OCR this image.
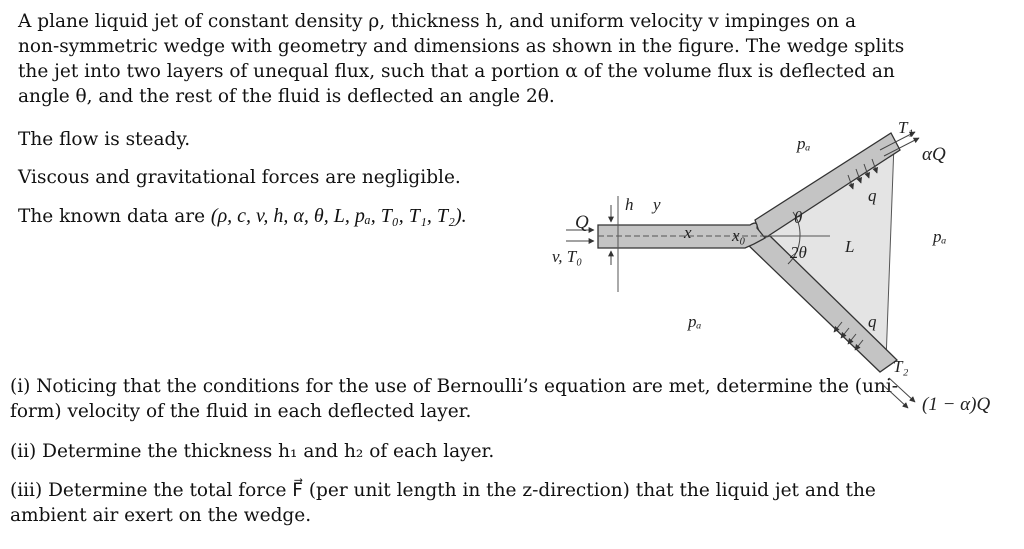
A plane liquid jet of constant density ρ, thickness h, and uniform velocity v impinges on a
non-symmetric wedge with geometry and dimensions as shown in the figure. The wedge splits
the jet into two layers of unequal flux, such that a portion α of the volume flux is deflected an
angle θ, and the rest of the fluid is deflected an angle 2θ.
The flow is steady.
Viscous and gravitational forces are negligible.
The known data are (ρ, c, v, h, α, θ, L, pₐ, T₀, T₁, T₂).
(i) Noticing that the conditions for the use of Bernoulli’s equation are met, determine the (uni-
form) velocity of the fluid in each deflected layer.
(ii) Determine the thickness h₁ and h₂ of each layer.
(iii) Determine the total force F⃗ (per unit length in the z-direction) that the liquid jet and the
ambient air exert on the wedge.
Q
v, T₀
h y
x x₀
θ
2θ L
pₐ
pₐ
pₐ
q
q
T₁
αQ
T₂
(1 − α)Q
